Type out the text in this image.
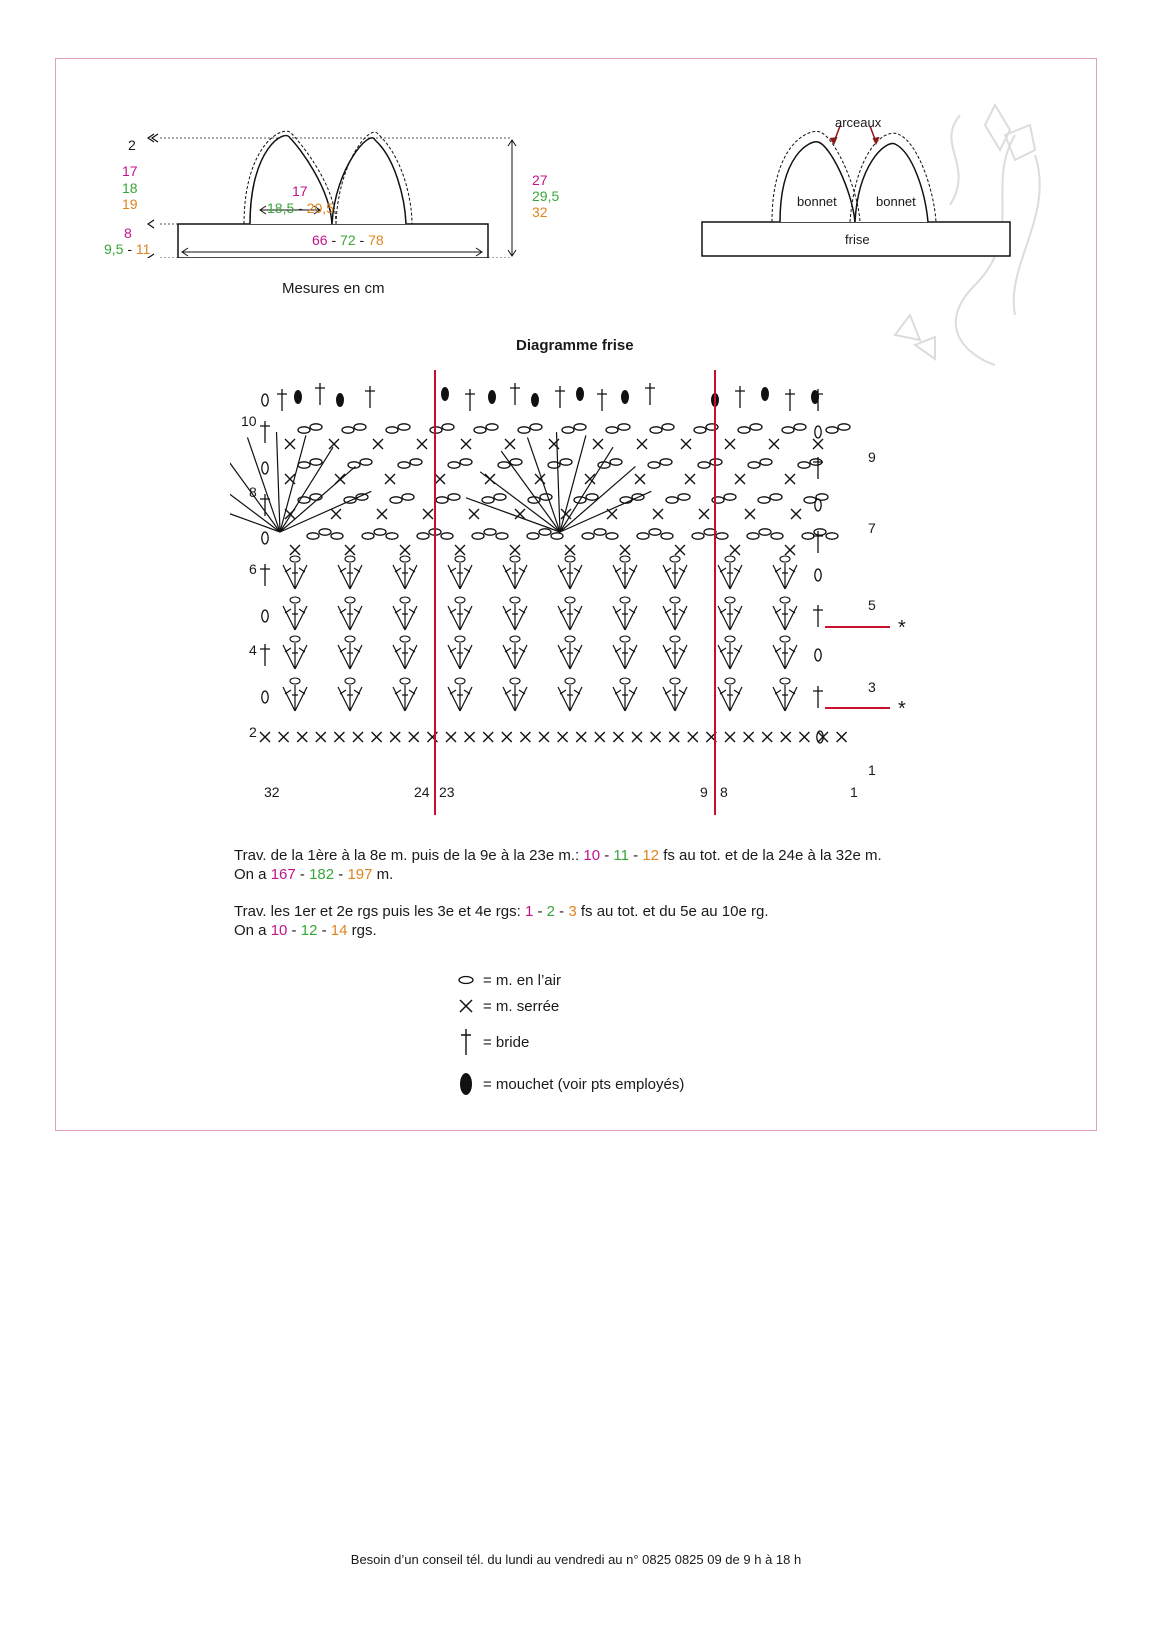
2
17
18
19
8
9,5 - 11
17
18,5 - 20,5
27
29,5
32
66 - 72 - 78
Mesures en cm
arceaux
bonnet	bonnet
frise
Diagramme frise
10
8
6
4
2
9
7
5
3
1
*
*
32	24 23	9 8	1
Trav. de la 1ère à la 8e m. puis de la 9e à la 23e m.: 10 - 11 - 12 fs au tot. et de la 24e à la 32e m.
On a 167 - 182 - 197 m.
Trav. les 1er et 2e rgs puis les 3e et 4e rgs: 1 - 2 - 3 fs au tot. et du 5e au 10e rg.
On a 10 - 12 - 14 rgs.
= m. en l’air
= m. serrée
= bride
= mouchet (voir pts employés)
Besoin d’un conseil tél. du lundi au vendredi au n° 0825 0825 09 de 9 h à 18 h
